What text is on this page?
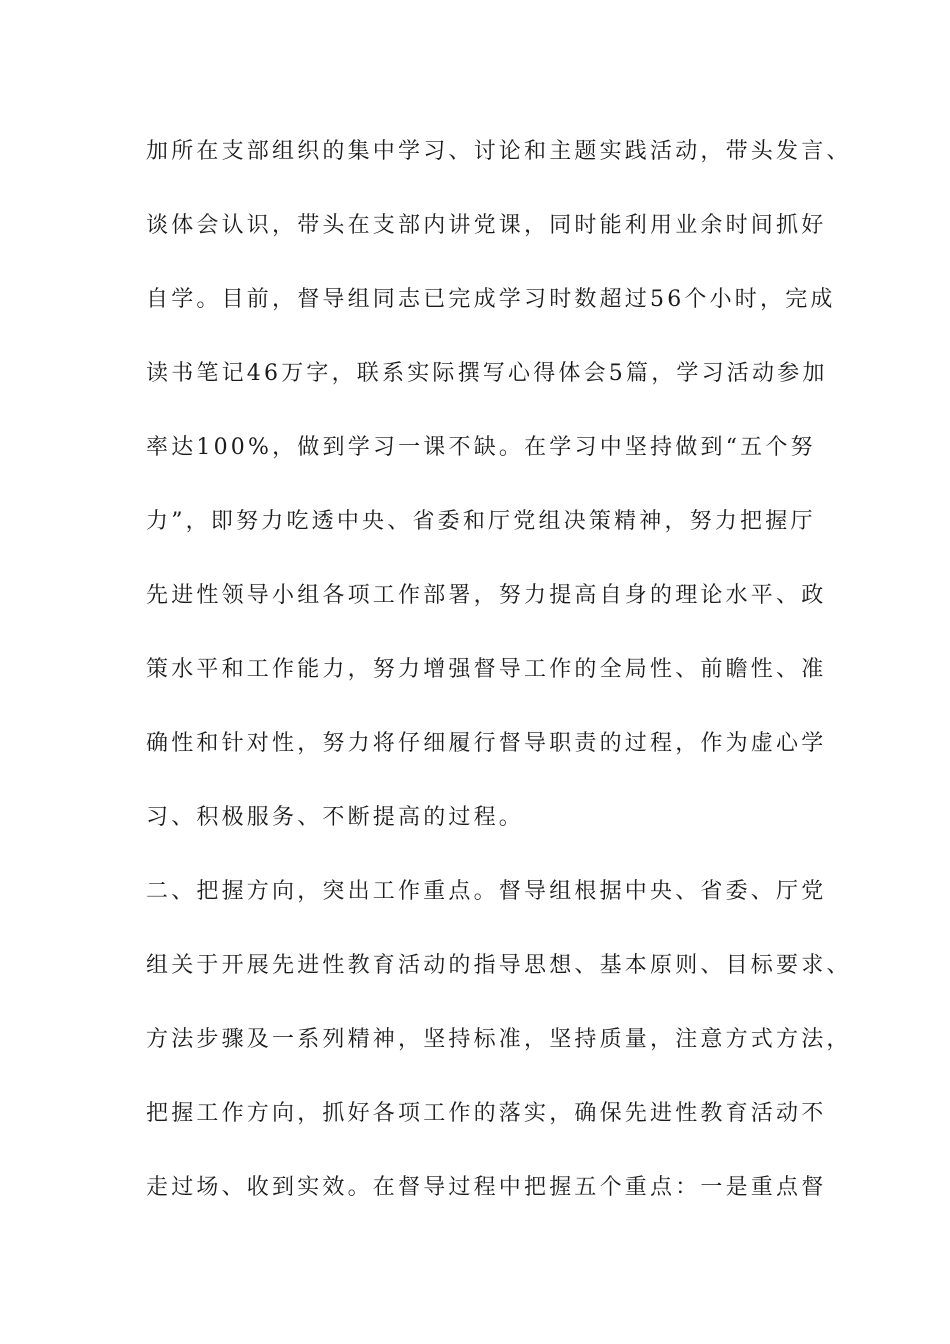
加所在支部组织的集中学习、讨论和主题实践活动，带头发言、
谈体会认识，带头在支部内讲党课，同时能利用业余时间抓好
自学。目前，督导组同志已完成学习时数超过56个小时，完成
读书笔记46万字，联系实际撰写心得体会5篇，学习活动参加
率达100%，做到学习一课不缺。在学习中坚持做到“五个努
力”，即努力吃透中央、省委和厅党组决策精神，努力把握厅
先进性领导小组各项工作部署，努力提高自身的理论水平、政
策水平和工作能力，努力增强督导工作的全局性、前瞻性、准
确性和针对性，努力将仔细履行督导职责的过程，作为虚心学
习、积极服务、不断提高的过程。
二、把握方向，突出工作重点。督导组根据中央、省委、厅党
组关于开展先进性教育活动的指导思想、基本原则、目标要求、
方法步骤及一系列精神，坚持标准，坚持质量，注意方式方法，
把握工作方向，抓好各项工作的落实，确保先进性教育活动不
走过场、收到实效。在督导过程中把握五个重点：一是重点督
